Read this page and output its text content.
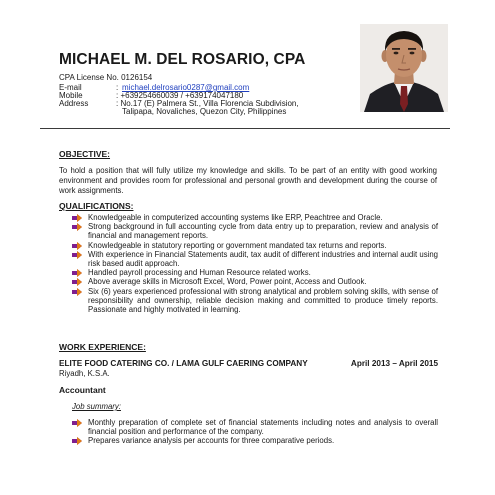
MICHAEL M. DEL ROSARIO, CPA
CPA License No. 0126154
E-mail	: michael.delrosario0287@gmail.com
Mobile	: +639254660039 / +639174047180
Address	: No.17 (E) Palmera St., Villa Florencia Subdivision,
Talipapa, Novaliches, Quezon City, Philippines
OBJECTIVE:
To hold a position that will fully utilize my knowledge and skills. To be part of an entity with good working environment and provides room for professional and personal growth and development during the course of work assignments.
QUALIFICATIONS:
Knowledgeable in computerized accounting systems like ERP, Peachtree and Oracle.
Strong background in full accounting cycle from data entry up to preparation, review and analysis of financial and management reports.
Knowledgeable in statutory reporting or government mandated tax returns and reports.
With experience in Financial Statements audit, tax audit of different industries and internal audit using risk based audit approach.
Handled payroll processing and Human Resource related works.
Above average skills in Microsoft Excel, Word, Power point, Access and Outlook.
Six (6) years experienced professional with strong analytical and problem solving skills, with sense of responsibility and ownership, reliable decision making and committed to produce timely reports. Passionate and highly motivated in learning.
WORK EXPERIENCE:
ELITE FOOD CATERING CO. / LAMA GULF CAERING COMPANY	April 2013 – April 2015
Riyadh, K.S.A.
Accountant
Job summary:
Monthly preparation of complete set of financial statements including notes and analysis to overall financial position and performance of the company.
Prepares variance analysis per accounts for three comparative periods.
